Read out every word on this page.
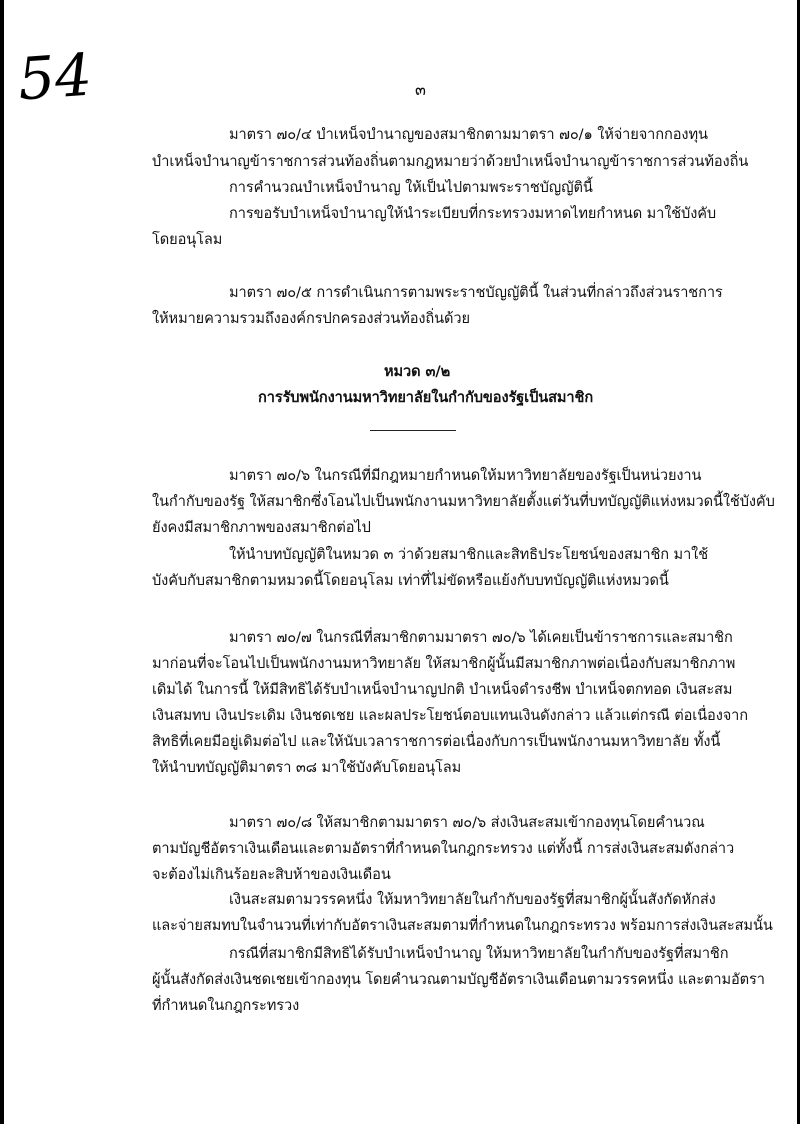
54	๓
มาตรา ๗๐/๔ บำเหน็จบำนาญของสมาชิกตามมาตรา ๗๐/๑ ให้จ่ายจากกองทุน
บำเหน็จบำนาญข้าราชการส่วนท้องถิ่นตามกฎหมายว่าด้วยบำเหน็จบำนาญข้าราชการส่วนท้องถิ่น
การคำนวณบำเหน็จบำนาญ ให้เป็นไปตามพระราชบัญญัตินี้
การขอรับบำเหน็จบำนาญให้นำระเบียบที่กระทรวงมหาดไทยกำหนด มาใช้บังคับ
โดยอนุโลม
มาตรา ๗๐/๕ การดำเนินการตามพระราชบัญญัตินี้ ในส่วนที่กล่าวถึงส่วนราชการ
ให้หมายความรวมถึงองค์กรปกครองส่วนท้องถิ่นด้วย
หมวด ๓/๒
การรับพนักงานมหาวิทยาลัยในกำกับของรัฐเป็นสมาชิก
มาตรา ๗๐/๖ ในกรณีที่มีกฎหมายกำหนดให้มหาวิทยาลัยของรัฐเป็นหน่วยงาน
ในกำกับของรัฐ ให้สมาชิกซึ่งโอนไปเป็นพนักงานมหาวิทยาลัยตั้งแต่วันที่บทบัญญัติแห่งหมวดนี้ใช้บังคับ
ยังคงมีสมาชิกภาพของสมาชิกต่อไป
ให้นำบทบัญญัติในหมวด ๓ ว่าด้วยสมาชิกและสิทธิประโยชน์ของสมาชิก มาใช้
บังคับกับสมาชิกตามหมวดนี้โดยอนุโลม เท่าที่ไม่ขัดหรือแย้งกับบทบัญญัติแห่งหมวดนี้
มาตรา ๗๐/๗ ในกรณีที่สมาชิกตามมาตรา ๗๐/๖ ได้เคยเป็นข้าราชการและสมาชิก
มาก่อนที่จะโอนไปเป็นพนักงานมหาวิทยาลัย ให้สมาชิกผู้นั้นมีสมาชิกภาพต่อเนื่องกับสมาชิกภาพ
เดิมได้ ในการนี้ ให้มีสิทธิได้รับบำเหน็จบำนาญปกติ บำเหน็จดำรงชีพ บำเหน็จตกทอด เงินสะสม
เงินสมทบ เงินประเดิม เงินชดเชย และผลประโยชน์ตอบแทนเงินดังกล่าว แล้วแต่กรณี ต่อเนื่องจาก
สิทธิที่เคยมีอยู่เดิมต่อไป และให้นับเวลาราชการต่อเนื่องกับการเป็นพนักงานมหาวิทยาลัย ทั้งนี้
ให้นำบทบัญญัติมาตรา ๓๘ มาใช้บังคับโดยอนุโลม
มาตรา ๗๐/๘ ให้สมาชิกตามมาตรา ๗๐/๖ ส่งเงินสะสมเข้ากองทุนโดยคำนวณ
ตามบัญชีอัตราเงินเดือนและตามอัตราที่กำหนดในกฎกระทรวง แต่ทั้งนี้ การส่งเงินสะสมดังกล่าว
จะต้องไม่เกินร้อยละสิบห้าของเงินเดือน
เงินสะสมตามวรรคหนึ่ง ให้มหาวิทยาลัยในกำกับของรัฐที่สมาชิกผู้นั้นสังกัดหักส่ง
และจ่ายสมทบในจำนวนที่เท่ากับอัตราเงินสะสมตามที่กำหนดในกฎกระทรวง พร้อมการส่งเงินสะสมนั้น
กรณีที่สมาชิกมีสิทธิได้รับบำเหน็จบำนาญ ให้มหาวิทยาลัยในกำกับของรัฐที่สมาชิก
ผู้นั้นสังกัดส่งเงินชดเชยเข้ากองทุน โดยคำนวณตามบัญชีอัตราเงินเดือนตามวรรคหนึ่ง และตามอัตรา
ที่กำหนดในกฎกระทรวง
